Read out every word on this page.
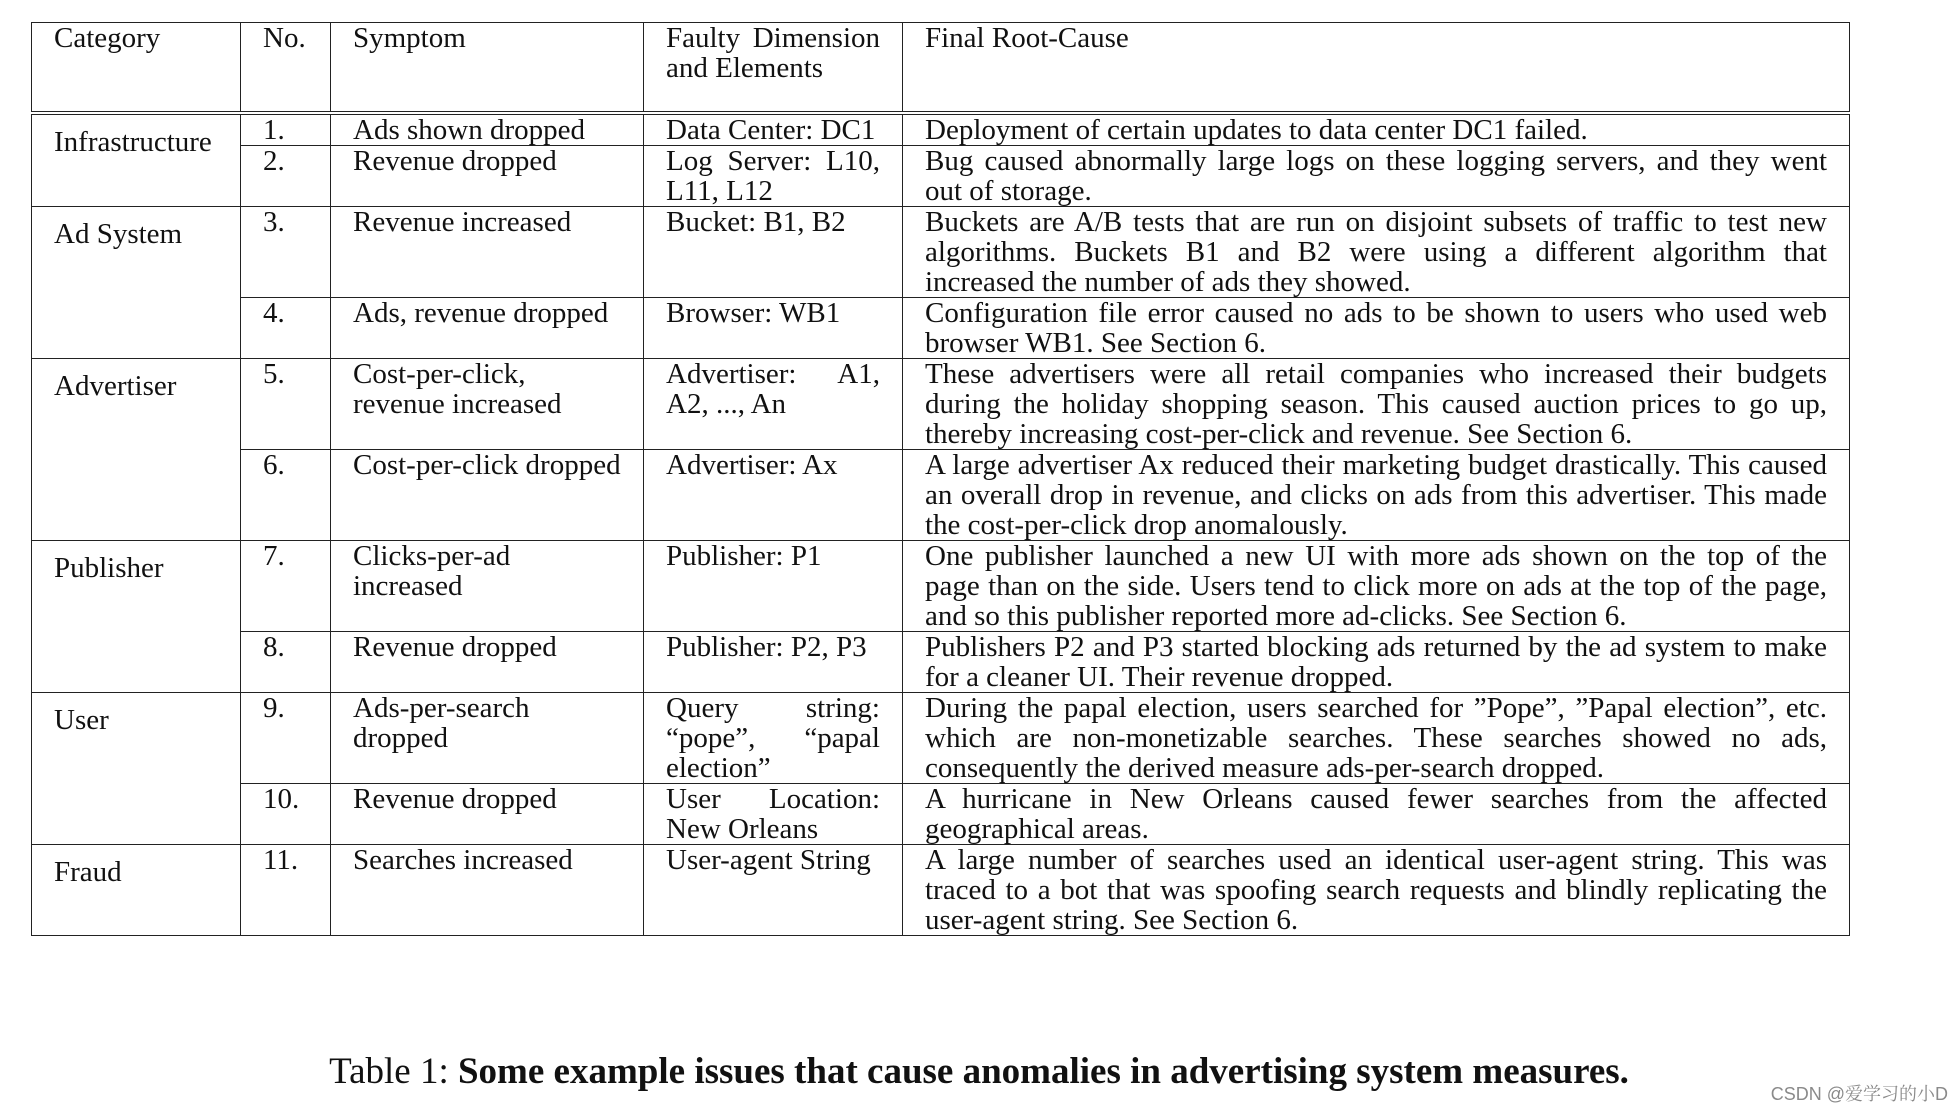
Category	No.	Symptom	Faulty Dimension and Elements	Final Root-Cause

Infrastructure	1.	Ads shown dropped	Data Center: DC1	Deployment of certain updates to data center DC1 failed.
	2.	Revenue dropped	Log Server: L10, L11, L12	Bug caused abnormally large logs on these logging servers, and they went out of storage.
Ad System	3.	Revenue increased	Bucket: B1, B2	Buckets are A/B tests that are run on disjoint subsets of traffic to test new algorithms. Buckets B1 and B2 were using a different algorithm that increased the number of ads they showed.
	4.	Ads, revenue dropped	Browser: WB1	Configuration file error caused no ads to be shown to users who used web browser WB1. See Section 6.
Advertiser	5.	Cost-per-click, revenue increased	Advertiser: A1, A2, ..., An	These advertisers were all retail companies who increased their budgets during the holiday shopping season. This caused auction prices to go up, thereby increasing cost-per-click and revenue. See Section 6.
	6.	Cost-per-click dropped	Advertiser: Ax	A large advertiser Ax reduced their marketing budget drastically. This caused an overall drop in revenue, and clicks on ads from this advertiser. This made the cost-per-click drop anomalously.
Publisher	7.	Clicks-per-ad increased	Publisher: P1	One publisher launched a new UI with more ads shown on the top of the page than on the side. Users tend to click more on ads at the top of the page, and so this publisher reported more ad-clicks. See Section 6.
	8.	Revenue dropped	Publisher: P2, P3	Publishers P2 and P3 started blocking ads returned by the ad system to make for a cleaner UI. Their revenue dropped.
User	9.	Ads-per-search dropped	Query string: “pope”, “papal election”	During the papal election, users searched for ”Pope”, ”Papal election”, etc. which are non-monetizable searches. These searches showed no ads, consequently the derived measure ads-per-search dropped.
	10.	Revenue dropped	User Location: New Orleans	A hurricane in New Orleans caused fewer searches from the affected geographical areas.
Fraud	11.	Searches increased	User-agent String	A large number of searches used an identical user-agent string. This was traced to a bot that was spoofing search requests and blindly replicating the user-agent string. See Section 6.
Table 1: Some example issues that cause anomalies in advertising system measures.
CSDN @爱学习的小D
